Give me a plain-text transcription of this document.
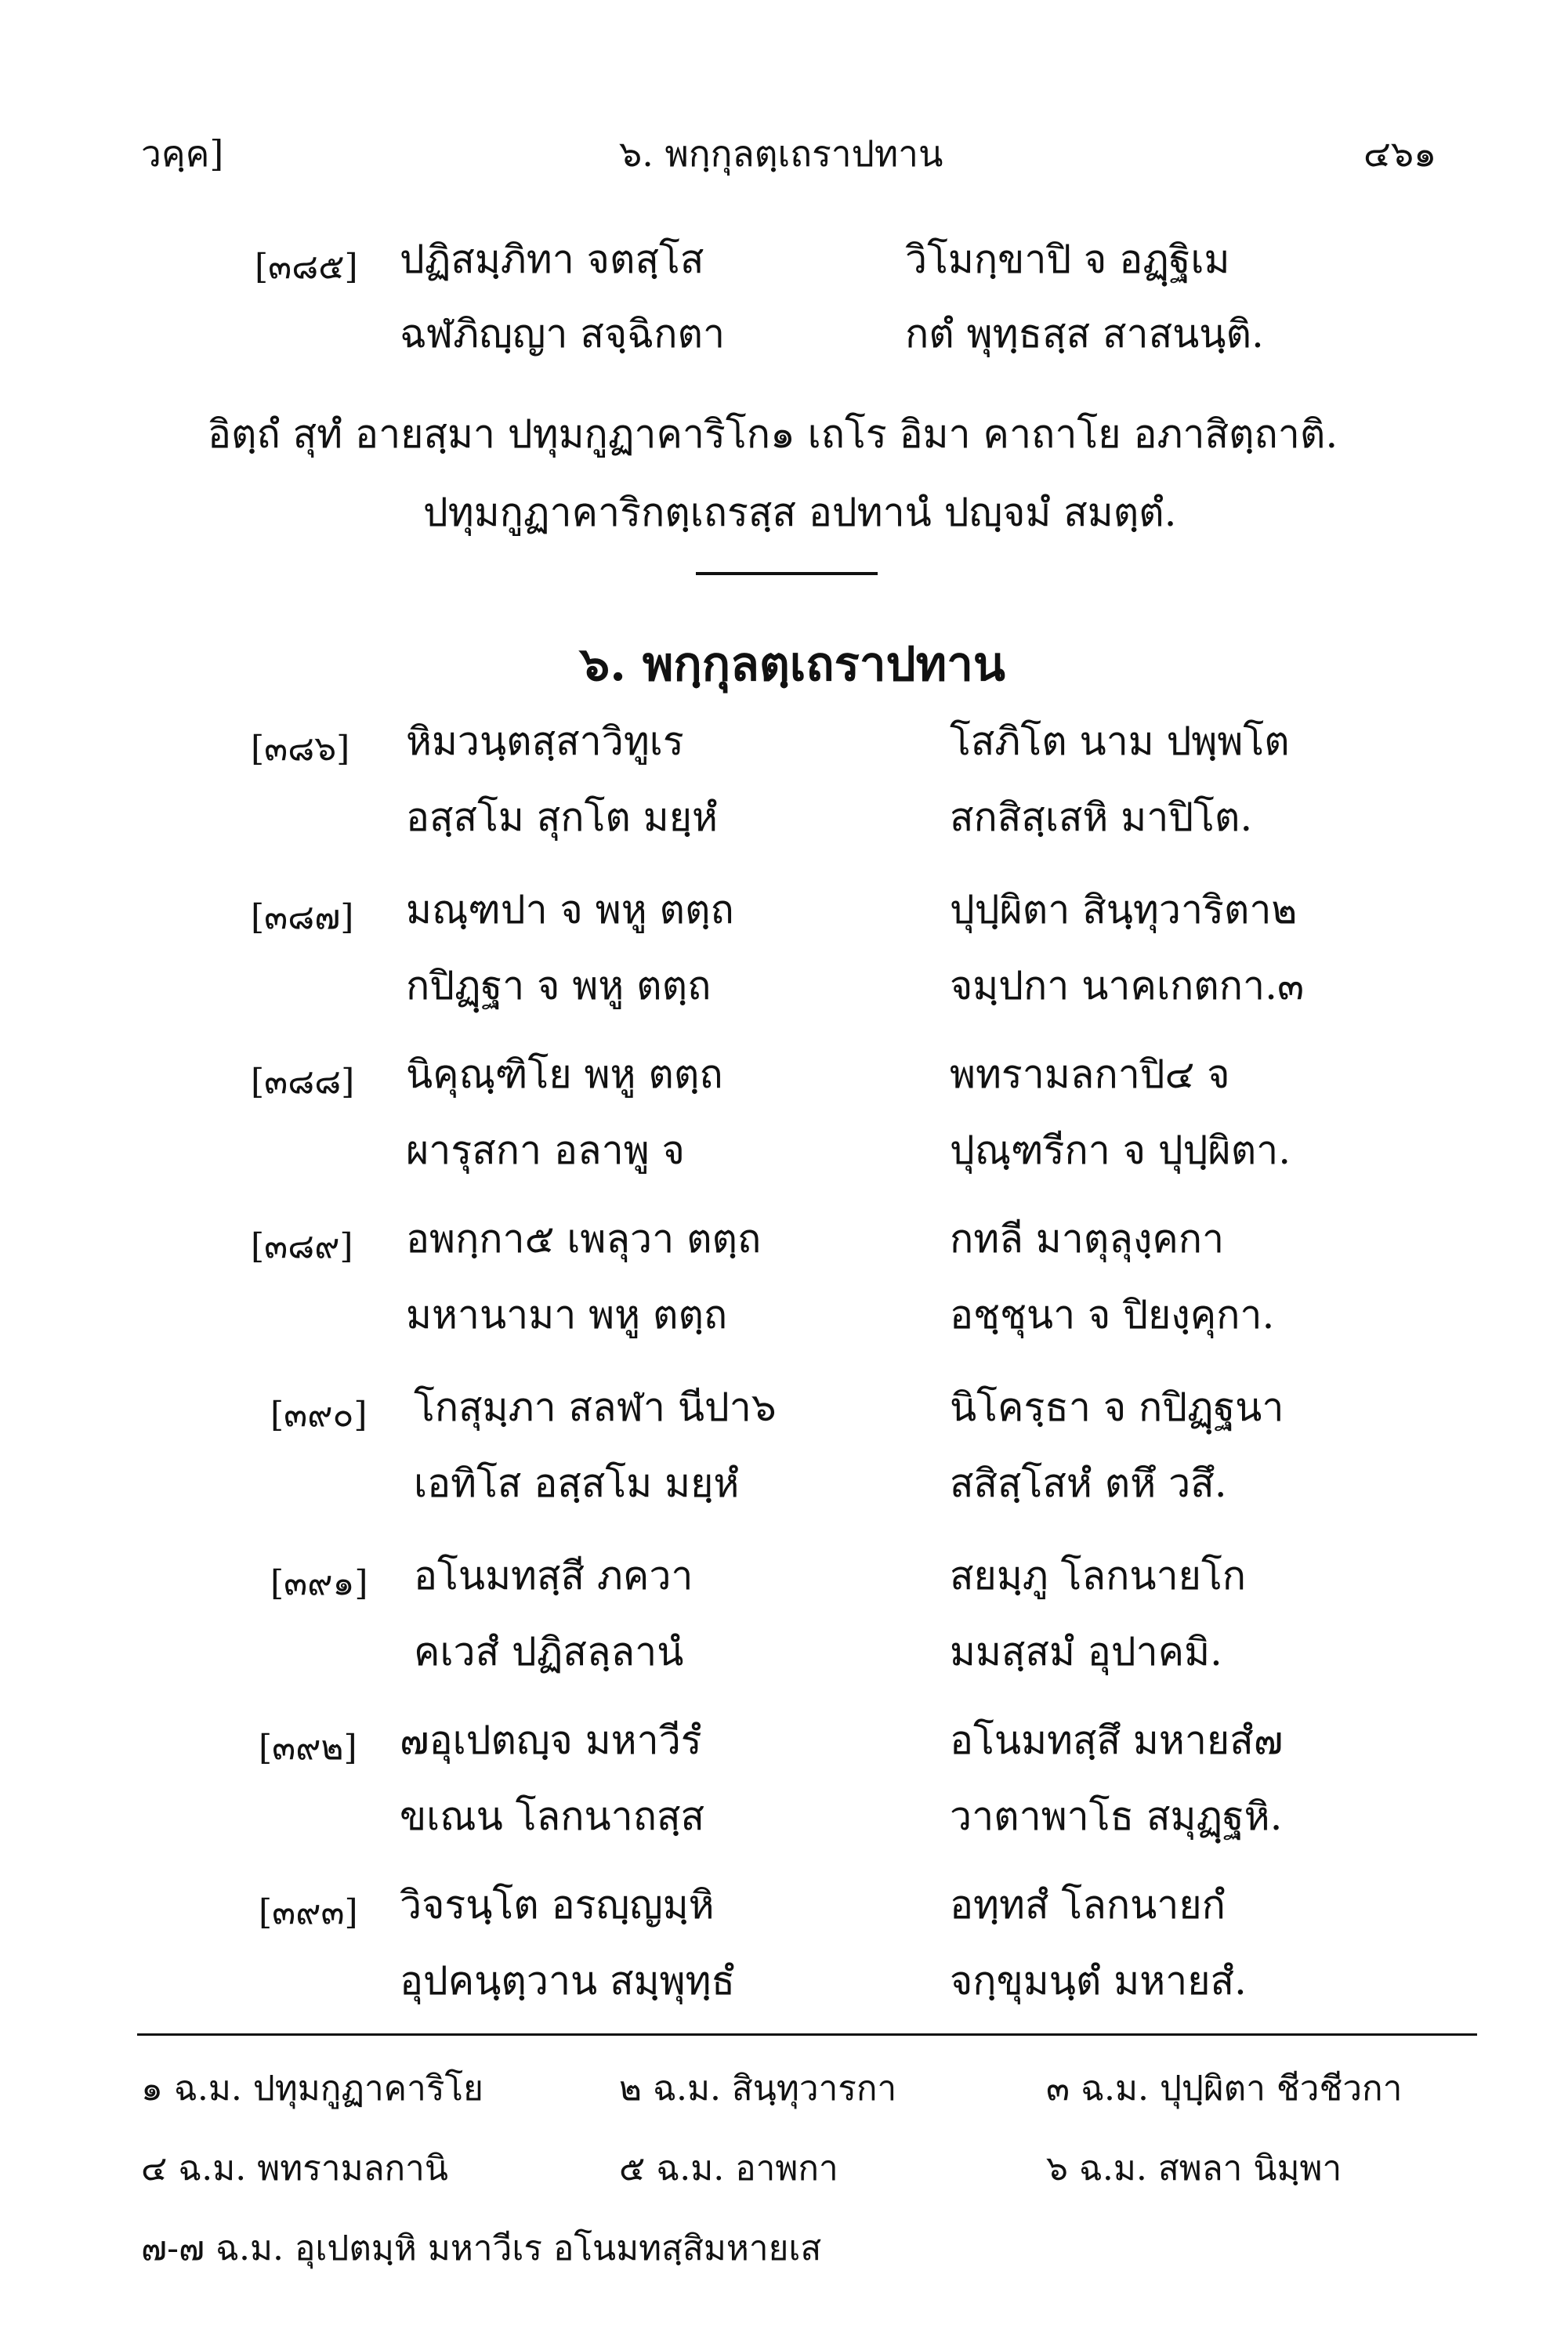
วคฺค]	๖. พกฺกุลตฺเถราปทาน	๔๖๑
[๓๘๕] ปฏิสมฺภิทา จตสฺโส	วิโมกฺขาปิ จ อฏฺฐิเม
ฉฬภิญฺญา สจฺฉิกตา	กตํ พุทฺธสฺส สาสนนฺติ.
อิตฺถํ สุทํ อายสฺมา ปทุมกูฏาคาริโก๑ เถโร อิมา คาถาโย อภาสิตฺถาติ.
ปทุมกูฏาคาริกตฺเถรสฺส อปทานํ ปญฺจมํ สมตฺตํ.
๖. พกฺกุลตฺเถราปทาน
[๓๘๖] หิมวนฺตสฺสาวิทูเร	โสภิโต นาม ปพฺพโต
อสฺสโม สุกโต มยฺหํ	สกสิสฺเสหิ มาปิโต.
[๓๘๗] มณฺฑปา จ พหู ตตฺถ	ปุปฺผิตา สินฺทุวาริตา๒
กปิฏฺฐา จ พหู ตตฺถ	จมฺปกา นาคเกตกา.๓
[๓๘๘] นิคุณฺฑิโย พหู ตตฺถ	พทรามลกาปิ๔ จ
ผารุสกา อลาพู จ	ปุณฺฑรีกา จ ปุปฺผิตา.
[๓๘๙] อพกฺกา๕ เพลุวา ตตฺถ	กทลี มาตุลุงฺคกา
มหานามา พหู ตตฺถ	อชฺชุนา จ ปิยงฺคุกา.
[๓๙๐] โกสุมฺภา สลฬา นีปา๖	นิโครฺธา จ กปิฏฺฐนา
เอทิโส อสฺสโม มยฺหํ	สสิสฺโสหํ ตหึ วสึ.
[๓๙๑] อโนมทสฺสี ภควา	สยมฺภู โลกนายโก
คเวสํ ปฏิสลฺลานํ	มมสฺสมํ อุปาคมิ.
[๓๙๒] ๗อุเปตญฺจ มหาวีรํ	อโนมทสฺสึ มหายสํ๗
ขเณน โลกนาถสฺส	วาตาพาโธ สมุฏฺฐหิ.
[๓๙๓] วิจรนฺโต อรญฺญมฺหิ	อทฺทสํ โลกนายกํ
อุปคนฺตฺวาน สมฺพุทฺธํ	จกฺขุมนฺตํ มหายสํ.
๑ ฉ.ม. ปทุมกูฏาคาริโย	๒ ฉ.ม. สินฺทุวารกา	๓ ฉ.ม. ปุปฺผิตา ชีวชีวกา
๔ ฉ.ม. พทรามลกานิ	๕ ฉ.ม. อาพกา	๖ ฉ.ม. สพลา นิมฺพา
๗-๗ ฉ.ม. อุเปตมฺหิ มหาวีเร อโนมทสฺสิมหายเส
